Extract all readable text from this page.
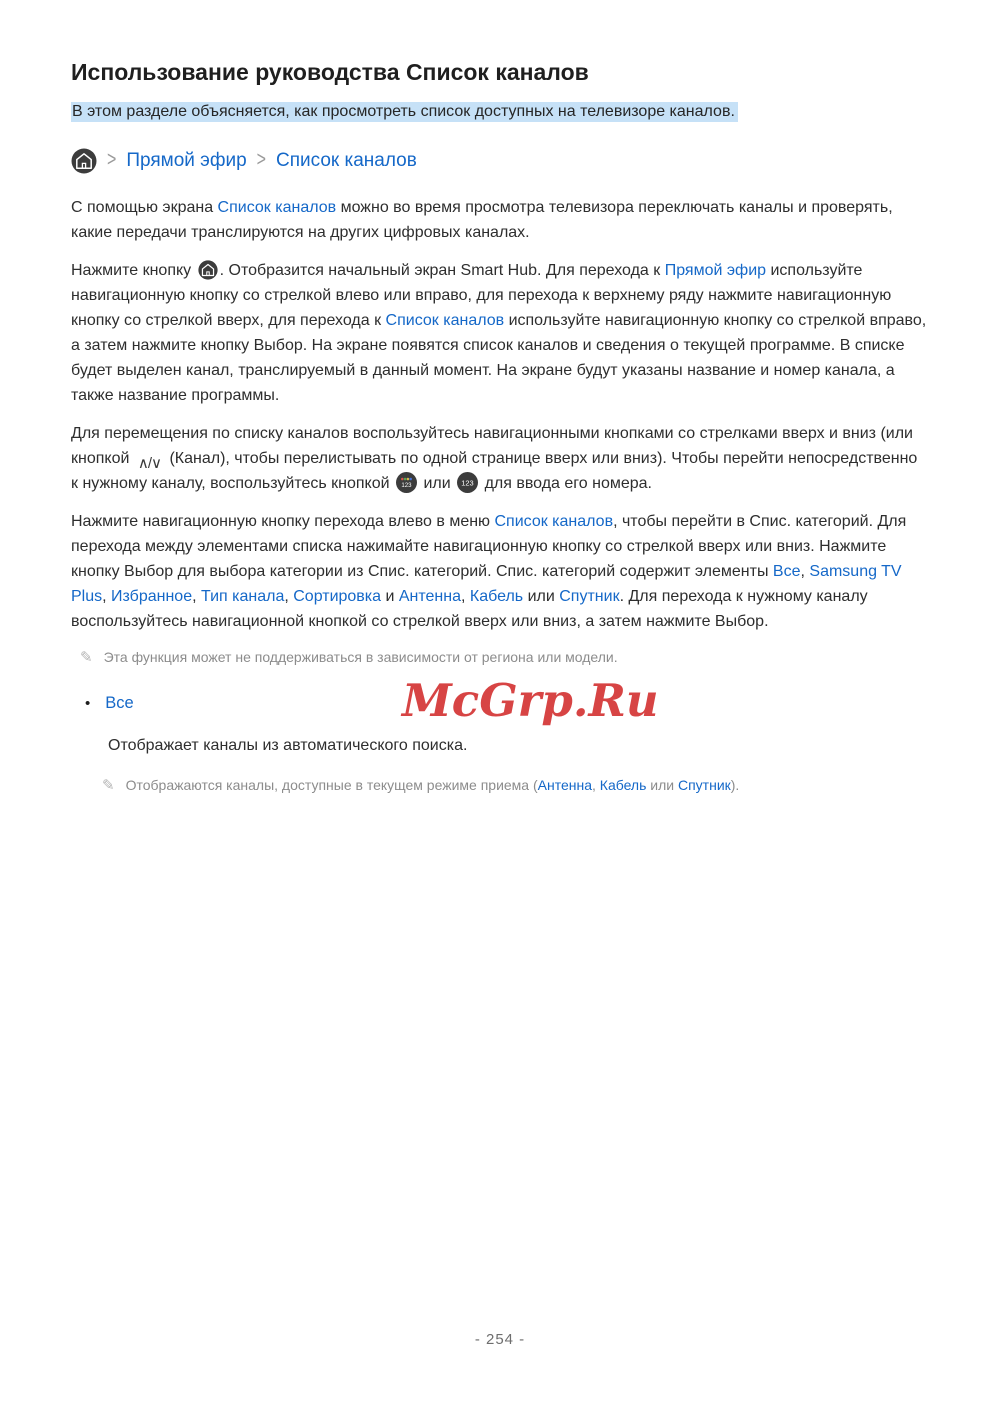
Использование руководства Список каналов
В этом разделе объясняется, как просмотреть список доступных на телевизоре каналов.
> Прямой эфир > Список каналов
С помощью экрана Список каналов можно во время просмотра телевизора переключать каналы и проверять, какие передачи транслируются на других цифровых каналах.
Нажмите кнопку . Отобразится начальный экран Smart Hub. Для перехода к Прямой эфир используйте навигационную кнопку со стрелкой влево или вправо, для перехода к верхнему ряду нажмите навигационную кнопку со стрелкой вверх, для перехода к Список каналов используйте навигационную кнопку со стрелкой вправо, а затем нажмите кнопку Выбор. На экране появятся список каналов и сведения о текущей программе. В списке будет выделен канал, транслируемый в данный момент. На экране будут указаны название и номер канала, а также название программы.
Для перемещения по списку каналов воспользуйтесь навигационными кнопками со стрелками вверх и вниз (или кнопкой ∧/∨ (Канал), чтобы перелистывать по одной странице вверх или вниз). Чтобы перейти непосредственно к нужному каналу, воспользуйтесь кнопкой 123 или 123 для ввода его номера.
Нажмите навигационную кнопку перехода влево в меню Список каналов, чтобы перейти в Спис. категорий. Для перехода между элементами списка нажимайте навигационную кнопку со стрелкой вверх или вниз. Нажмите кнопку Выбор для выбора категории из Спис. категорий. Спис. категорий содержит элементы Все, Samsung TV Plus, Избранное, Тип канала, Сортировка и Антенна, Кабель или Спутник. Для перехода к нужному каналу воспользуйтесь навигационной кнопкой со стрелкой вверх или вниз, а затем нажмите Выбор.
✎ Эта функция может не поддерживаться в зависимости от региона или модели.
• Все
Отображает каналы из автоматического поиска.
✎ Отображаются каналы, доступные в текущем режиме приема (Антенна, Кабель или Спутник).
McGrp.Ru
- 254 -
